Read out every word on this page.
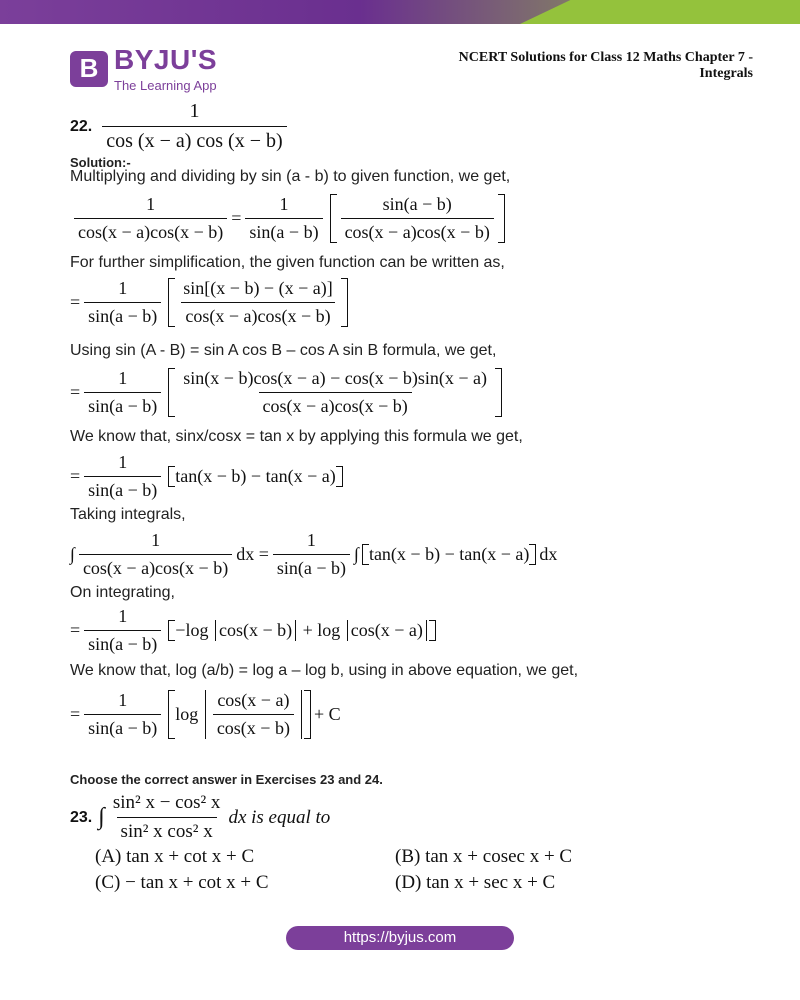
B BYJU'S
The Learning App
NCERT Solutions for Class 12 Maths Chapter 7 -
Integrals
22. $\frac{1}{\cos (x - a) \cos (x - b)}$
Solution:-
Multiplying and dividing by sin (a - b) to given function, we get,
$\frac{1}{\cos(x - a)\cos(x - b)} = \frac{1}{\sin(a - b)} \frac{\sin(a - b)}{\cos(x - a)\cos(x - b)}$
For further simplification, the given function can be written as,
= $\frac{1}{\sin(a - b)} \frac{\sin[(x - b) - (x - a)]}{\cos(x - a)\cos(x - b)}$
Using sin (A - B) = sin A cos B – cos A sin B formula, we get,
= $\frac{1}{\sin(a - b)} \frac{\sin(x - b)\cos(x - a) - \cos(x - b)\sin(x - a)}{\cos(x - a)\cos(x - b)}$
We know that, sinx/cosx = tan x by applying this formula we get,
= $\frac{1}{\sin(a - b)} \tan(x - b) - \tan(x - a)$
Taking integrals,
∫ $\frac{1}{\cos(x - a)\cos(x - b)}$ dx = $\frac{1}{\sin(a - b)}$ ∫ tan(x − b) − tan(x − a) dx
On integrating,
= $\frac{1}{\sin(a - b)} -\log$
cos(x − b)
+ log
cos(x − a)
We know that, log (a/b) = log a – log b, using in above equation, we get,
= $\frac{1}{\sin(a - b)}$ log
$\frac{\cos(x - a)}{\cos(x - b)} + C$
Choose the correct answer in Exercises 23 and 24.
23. ∫ $\frac{\text{sin² x − cos² x}}{\text{sin² x cos² x}}$ dx is equal to
(A) tan x + cot x + C	(B) tan x + cosec x + C
(C) − tan x + cot x + C	(D) tan x + sec x + C
https://byjus.com
